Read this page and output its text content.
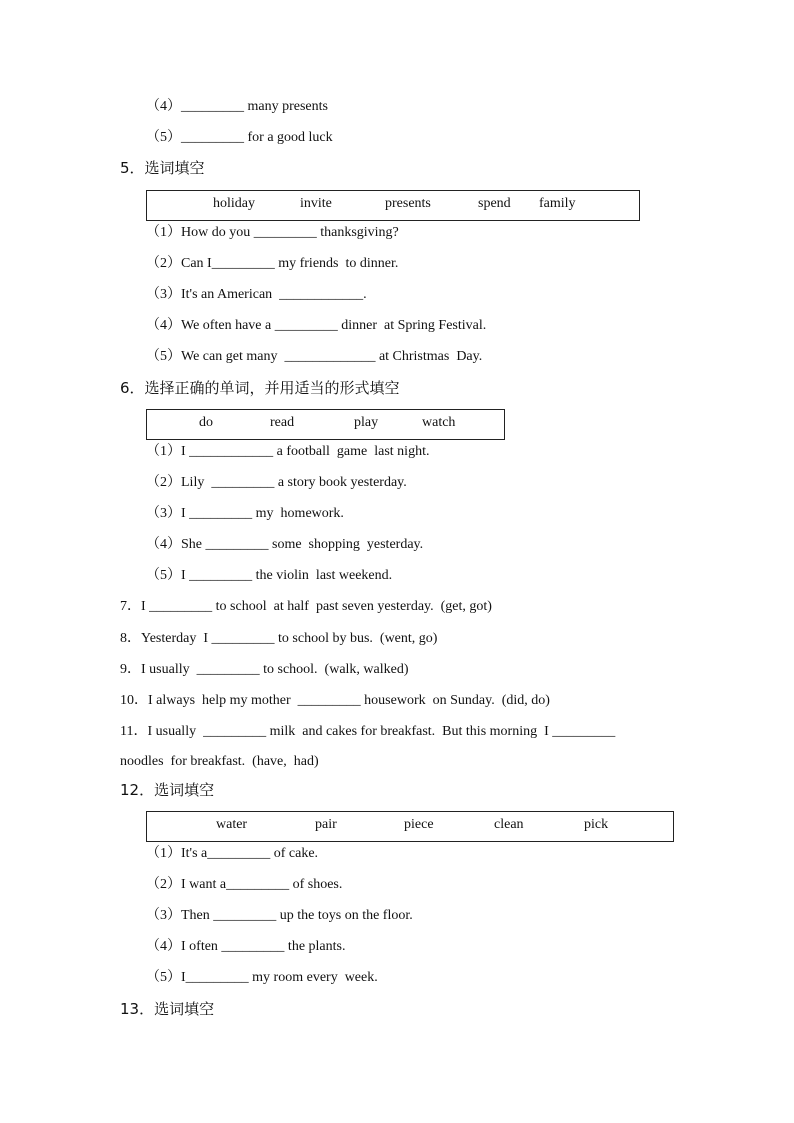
（4）_________ many presents
（5）_________ for a good luck
5．选词填空
holiday	invite	presents	spend family
（1）How do you _________ thanksgiving?
（2）Can I_________ my friends  to dinner.
（3）It's an American  ____________.
（4）We often have a _________ dinner  at Spring Festival.
（5）We can get many  _____________ at Christmas  Day.
6．选择正确的单词，并用适当的形式填空
do	read	play	watch
（1）I ____________ a football  game  last night.
（2）Lily  _________ a story book yesterday.
（3）I _________ my  homework.
（4）She _________ some  shopping  yesterday.
（5）I _________ the violin  last weekend.
7．I _________ to school  at half  past seven yesterday.  (get, got)
8．Yesterday  I _________ to school by bus.  (went, go)
9．I usually  _________ to school.  (walk, walked)
10．I always  help my mother  _________ housework  on Sunday.  (did, do)
11．I usually  _________ milk  and cakes for breakfast.  But this morning  I _________
noodles  for breakfast.  (have,  had)
12．选词填空
water	pair	piece	clean	pick
（1）It's a_________ of cake.
（2）I want a_________ of shoes.
（3）Then _________ up the toys on the floor.
（4）I often _________ the plants.
（5）I_________ my room every  week.
13．选词填空
